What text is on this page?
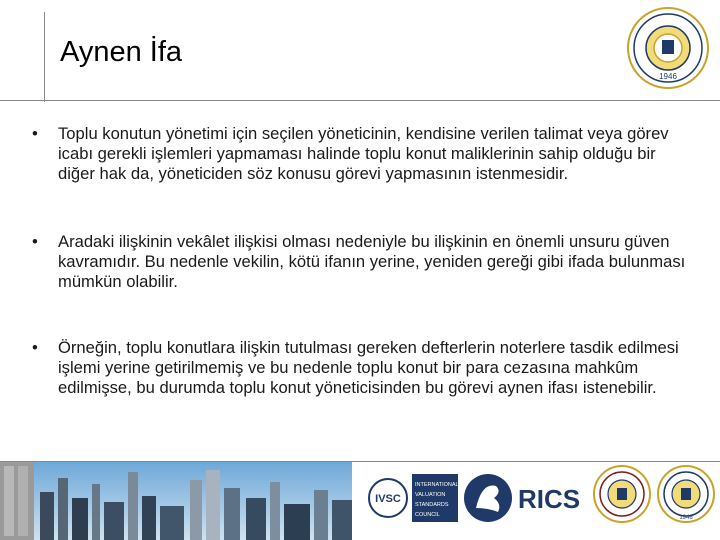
Aynen İfa
1946
• Toplu konutun yönetimi için seçilen yöneticinin, kendisine verilen talimat veya görev icabı gerekli işlemleri yapmaması halinde toplu konut maliklerinin sahip olduğu bir diğer hak da, yöneticiden söz konusu görevi yapmasının istenmesidir.
• Aradaki ilişkinin vekâlet ilişkisi olması nedeniyle bu ilişkinin en önemli unsuru güven kavramıdır. Bu nedenle vekilin, kötü ifanın yerine, yeniden gereği gibi ifada bulunması mümkün olabilir.
• Örneğin, toplu konutlara ilişkin tutulması gereken defterlerin noterlere tasdik edilmesi işlemi yerine getirilmemiş ve bu nedenle toplu konut bir para cezasına mahkûm edilmişse, bu durumda toplu konut yöneticisinden bu görevi aynen ifası istenebilir.
IVSC
INTERNATIONAL
VALUATION
STANDARDS
COUNCIL
RICS
1946
